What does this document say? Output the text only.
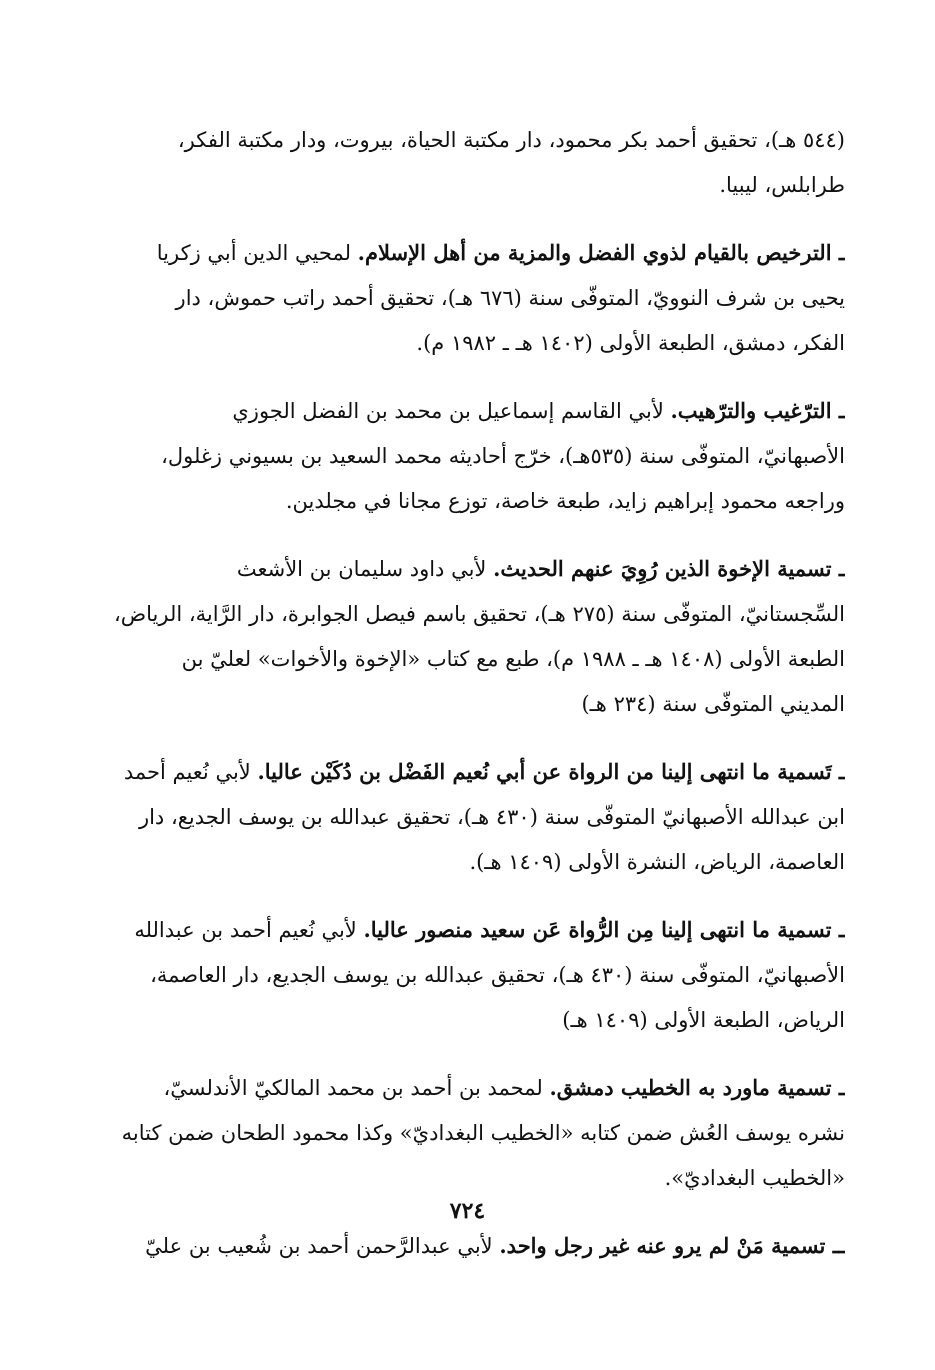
(٥٤٤ هـ)، تحقيق أحمد بكر محمود، دار مكتبة الحياة، بيروت، ودار مكتبة الفكر،
طرابلس، ليبيا.
ـ الترخيص بالقيام لذوي الفضل والمزية من أهل الإسلام. لمحيي الدين أبي زكريا
يحيى بن شرف النوويّ، المتوفّى سنة (٦٧٦ هـ)، تحقيق أحمد راتب حموش، دار
الفكر، دمشق، الطبعة الأولى (١٤٠٢ هـ ـ ١٩٨٢ م).
ـ الترّغيب والترّهيب. لأبي القاسم إسماعيل بن محمد بن الفضل الجوزي
الأصبهانيّ، المتوفّى سنة (٥٣٥هـ)، خرّج أحاديثه محمد السعيد بن بسيوني زغلول،
وراجعه محمود إبراهيم زايد، طبعة خاصة، توزع مجانا في مجلدين.
ـ تسمية الإخوة الذين رُوِيَ عنهم الحديث. لأبي داود سليمان بن الأشعث
السِّجستانيّ، المتوفّى سنة (٢٧٥ هـ)، تحقيق باسم فيصل الجوابرة، دار الرَّاية، الرياض،
الطبعة الأولى (١٤٠٨ هـ ـ ١٩٨٨ م)، طبع مع كتاب «الإخوة والأخوات» لعليّ بن
المديني المتوفّى سنة (٢٣٤ هـ)
ـ تَسمية ما انتهى إلينا من الرواة عن أبي نُعيم الفَضْل بن دُكَيْن عاليا. لأبي نُعيم أحمد
ابن عبدالله الأصبهانيّ المتوفّى سنة (٤٣٠ هـ)، تحقيق عبدالله بن يوسف الجديع، دار
العاصمة، الرياض، النشرة الأولى (١٤٠٩ هـ).
ـ تسمية ما انتهى إلينا مِن الرُّواة عَن سعيد منصور عاليا. لأبي نُعيم أحمد بن عبدالله
الأصبهانيّ، المتوفّى سنة (٤٣٠ هـ)، تحقيق عبدالله بن يوسف الجديع، دار العاصمة،
الرياض، الطبعة الأولى (١٤٠٩ هـ)
ـ تسمية ماورد به الخطيب دمشق. لمحمد بن أحمد بن محمد المالكيّ الأندلسيّ،
نشره يوسف العُش ضمن كتابه «الخطيب البغداديّ» وكذا محمود الطحان ضمن كتابه
«الخطيب البغداديّ».
ــ تسمية مَنْ لم يرو عنه غير رجل واحد. لأبي عبدالرَّحمن أحمد بن شُعيب بن عليّ
٧٢٤
